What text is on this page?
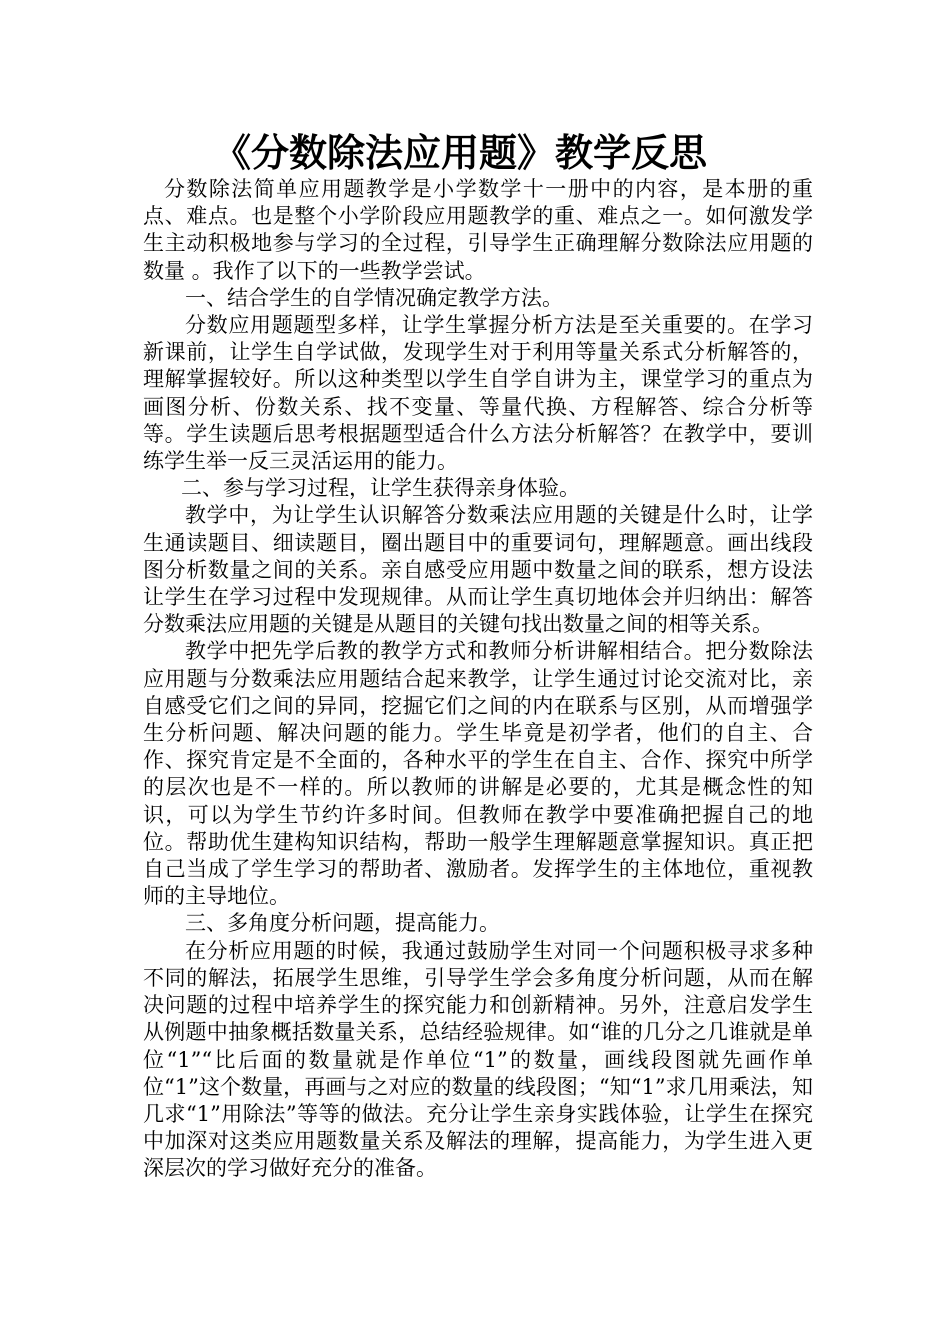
《分数除法应用题》教学反思

分数除法简单应用题教学是小学数学十一册中的内容，是本册的重点、难点。也是整个小学阶段应用题教学的重、难点之一。如何激发学生主动积极地参与学习的全过程，引导学生正确理解分数除法应用题的数量 。我作了以下的一些教学尝试。

一、结合学生的自学情况确定教学方法。

分数应用题题型多样，让学生掌握分析方法是至关重要的。在学习新课前，让学生自学试做，发现学生对于利用等量关系式分析解答的，理解掌握较好。所以这种类型以学生自学自讲为主，课堂学习的重点为画图分析、份数关系、找不变量、等量代换、方程解答、综合分析等等。学生读题后思考根据题型适合什么方法分析解答？在教学中，要训练学生举一反三灵活运用的能力。

二、参与学习过程，让学生获得亲身体验。

教学中，为让学生认识解答分数乘法应用题的关键是什么时，让学生通读题目、细读题目，圈出题目中的重要词句，理解题意。画出线段图分析数量之间的关系。亲自感受应用题中数量之间的联系，想方设法让学生在学习过程中发现规律。从而让学生真切地体会并归纳出：解答分数乘法应用题的关键是从题目的关键句找出数量之间的相等关系。

教学中把先学后教的教学方式和教师分析讲解相结合。把分数除法应用题与分数乘法应用题结合起来教学，让学生通过讨论交流对比，亲自感受它们之间的异同，挖掘它们之间的内在联系与区别，从而增强学生分析问题、解决问题的能力。学生毕竟是初学者，他们的自主、合作、探究肯定是不全面的，各种水平的学生在自主、合作、探究中所学的层次也是不一样的。所以教师的讲解是必要的，尤其是概念性的知识，可以为学生节约许多时间。但教师在教学中要准确把握自己的地位。帮助优生建构知识结构，帮助一般学生理解题意掌握知识。真正把自己当成了学生学习的帮助者、激励者。发挥学生的主体地位，重视教师的主导地位。

三、多角度分析问题，提高能力。

在分析应用题的时候，我通过鼓励学生对同一个问题积极寻求多种不同的解法，拓展学生思维，引导学生学会多角度分析问题，从而在解决问题的过程中培养学生的探究能力和创新精神。另外，注意启发学生从例题中抽象概括数量关系，总结经验规律。如“谁的几分之几谁就是单位“1”“比后面的数量就是作单位“1”的数量，画线段图就先画作单位“1”这个数量，再画与之对应的数量的线段图；“知“1”求几用乘法，知几求“1”用除法”等等的做法。充分让学生亲身实践体验，让学生在探究中加深对这类应用题数量关系及解法的理解，提高能力，为学生进入更深层次的学习做好充分的准备。
